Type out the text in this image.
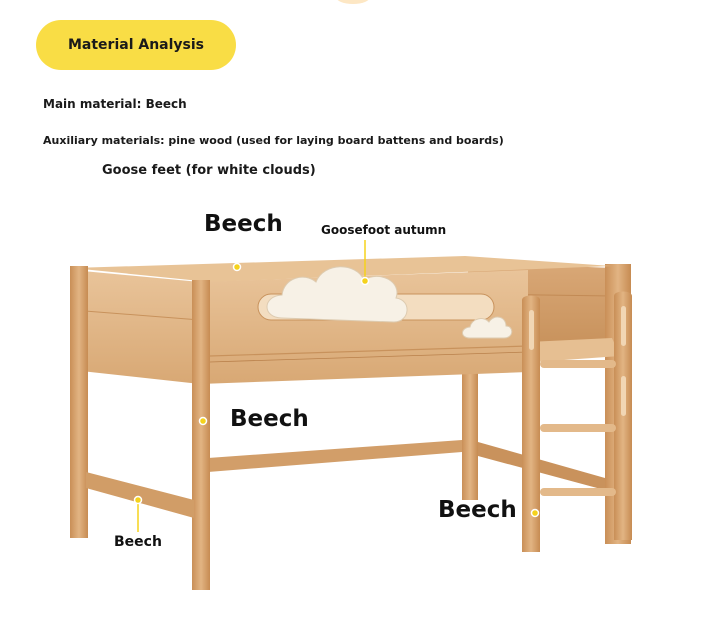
Material Analysis
Main material: Beech
Auxiliary materials: pine wood (used for laying board battens and boards)
Goose feet (for white clouds)
Beech	Goosefoot autumn
Beech
Beech
Beech
